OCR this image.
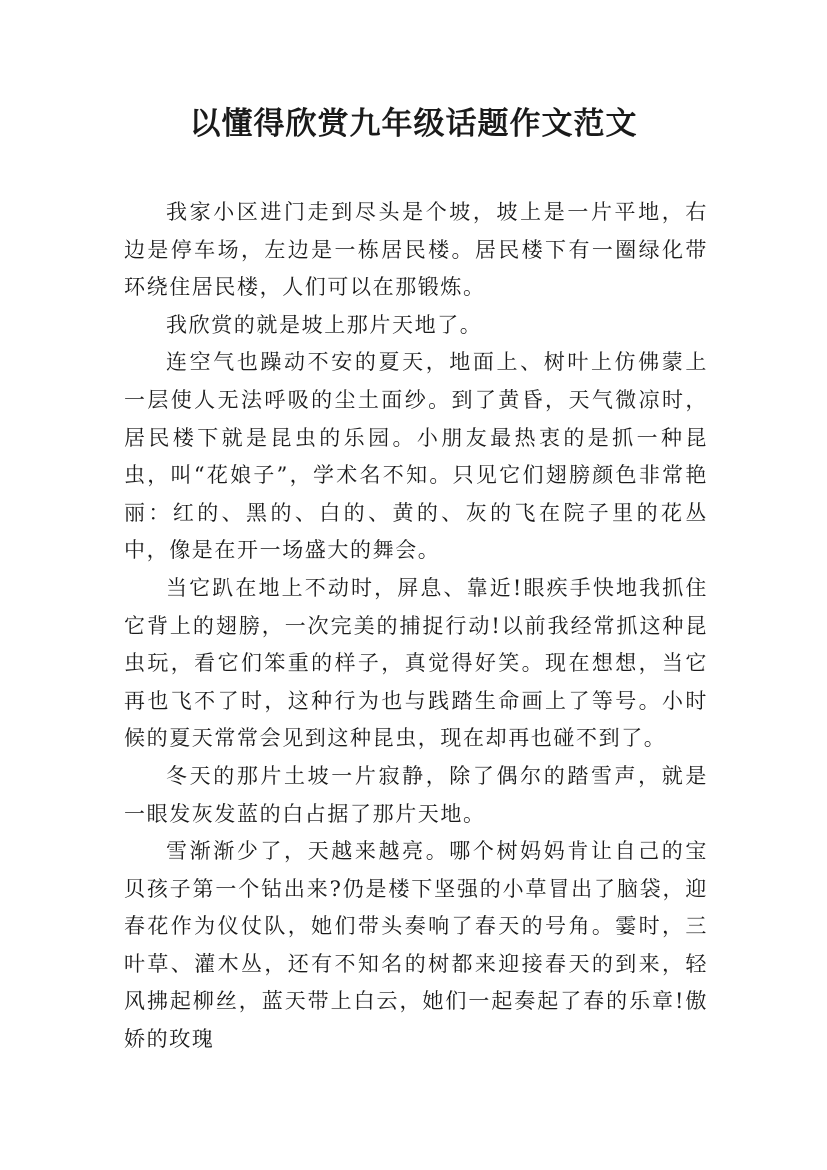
以懂得欣赏九年级话题作文范文

我家小区进门走到尽头是个坡，坡上是一片平地，右边是停车场，左边是一栋居民楼。居民楼下有一圈绿化带环绕住居民楼，人们可以在那锻炼。

我欣赏的就是坡上那片天地了。

连空气也躁动不安的夏天，地面上、树叶上仿佛蒙上一层使人无法呼吸的尘土面纱。到了黄昏，天气微凉时，居民楼下就是昆虫的乐园。小朋友最热衷的是抓一种昆虫，叫“花娘子”，学术名不知。只见它们翅膀颜色非常艳丽：红的、黑的、白的、黄的、灰的飞在院子里的花丛中，像是在开一场盛大的舞会。

当它趴在地上不动时，屏息、靠近!眼疾手快地我抓住它背上的翅膀，一次完美的捕捉行动!以前我经常抓这种昆虫玩，看它们笨重的样子，真觉得好笑。现在想想，当它再也飞不了时，这种行为也与践踏生命画上了等号。小时候的夏天常常会见到这种昆虫，现在却再也碰不到了。

冬天的那片土坡一片寂静，除了偶尔的踏雪声，就是一眼发灰发蓝的白占据了那片天地。

雪渐渐少了，天越来越亮。哪个树妈妈肯让自己的宝贝孩子第一个钻出来?仍是楼下坚强的小草冒出了脑袋，迎春花作为仪仗队，她们带头奏响了春天的号角。霎时，三叶草、灌木丛，还有不知名的树都来迎接春天的到来，轻风拂起柳丝，蓝天带上白云，她们一起奏起了春的乐章!傲娇的玫瑰
